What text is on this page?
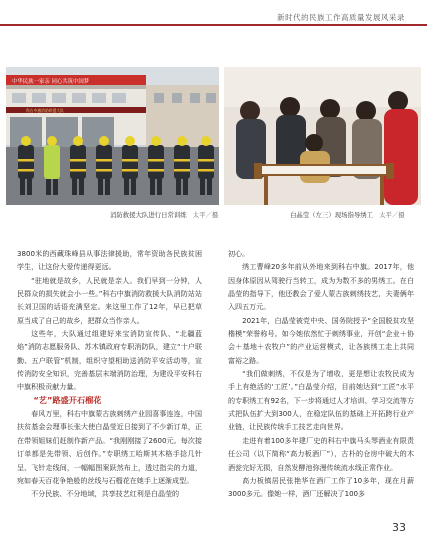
新时代的民族工作高质量发展风采录
中华民族一家亲 同心共筑中国梦
科右中旗消防救援大队
消防救援大队进行日常训练 太平／摄	白晶莹（左三）现场指导绣工 太平／摄

3800米的西藏珠峰县从事法律援助，常年资助各民族贫困学生，让这份大爱传递得更远。

“驻地就是故乡，人民就是亲人。我们早到一分钟，人民群众的损失就会小一些。”科右中旗消防救援大队消防站站长刘卫国的话语充满坚定。来这里工作了12年，早已把草原当成了自己的故乡，把群众当作亲人。

这些年，大队通过组建好来宝消防宣传队、“北疆蓝焰”消防志愿服务队、苏木镇政府专职消防队，建立“十户联勤、五户联管”机制，组织守望相助送消防平安活动等，宣传消防安全知识，完善基层末端消防治理，为建设平安科右中旗积极贡献力量。

“艺”路盛开石榴花

春风万里，科右中旗蒙古族刺绣产业园喜事连连，中国扶贫基金会理事长张大使白晶莹近日接到了不少新订单，正在带领姐妹们赶制作新产品。“我刚刚接了2600元。每次接订单都是先带领、后创作。”专职绣工哈斯其木格手捻几针呈、飞针走线间，一幅幅图案跃然布上，透过指尖的力道，宛如春天百花争艳般的丝线与石榴花在她手上逐渐成型。

不分民族、不分地域，共享技艺红利是白晶莹的

初心。

绣工曹峰20多年前从外地来到科右中旗。2017年，他因身体原因从驾驶行当转工，成为为数不多的男绣工。在白晶莹的指导下，他还教会了爱人蒙古族刺绣技艺，夫妻俩年入四五万元。

2021年，白晶莹被党中央、国务院授予“全国脱贫攻坚楷模”荣誉称号。如今她依然忙于刺绣事业，开创“企业＋协会＋基地＋农牧户”的产业运营模式，让各族绣工走上共同富裕之路。

“我们做刺绣，不仅是为了增收，更是想让农牧民成为手上有绝活的‘工匠’。”白晶莹介绍，目前她达到“工匠”水平的专职绣工有92名，下一步将通过人才培训、学习交流等方式把队伍扩大到300人，在稳定队伍的基础上开拓跨行业产业链，让民族传统手工技艺走向世界。

走进有着100多年建厂史的科右中旗马头琴酒业有限责任公司（以下简称“高力板酒厂”），古朴的仓房中破大的木酒瓮完好无损，自然发酵池弥漫传统流水线正常作业。

高力板镇居民张艳华在酒厂工作了10多年，现在月薪3000多元。像她一样，酒厂还解决了100多

33
